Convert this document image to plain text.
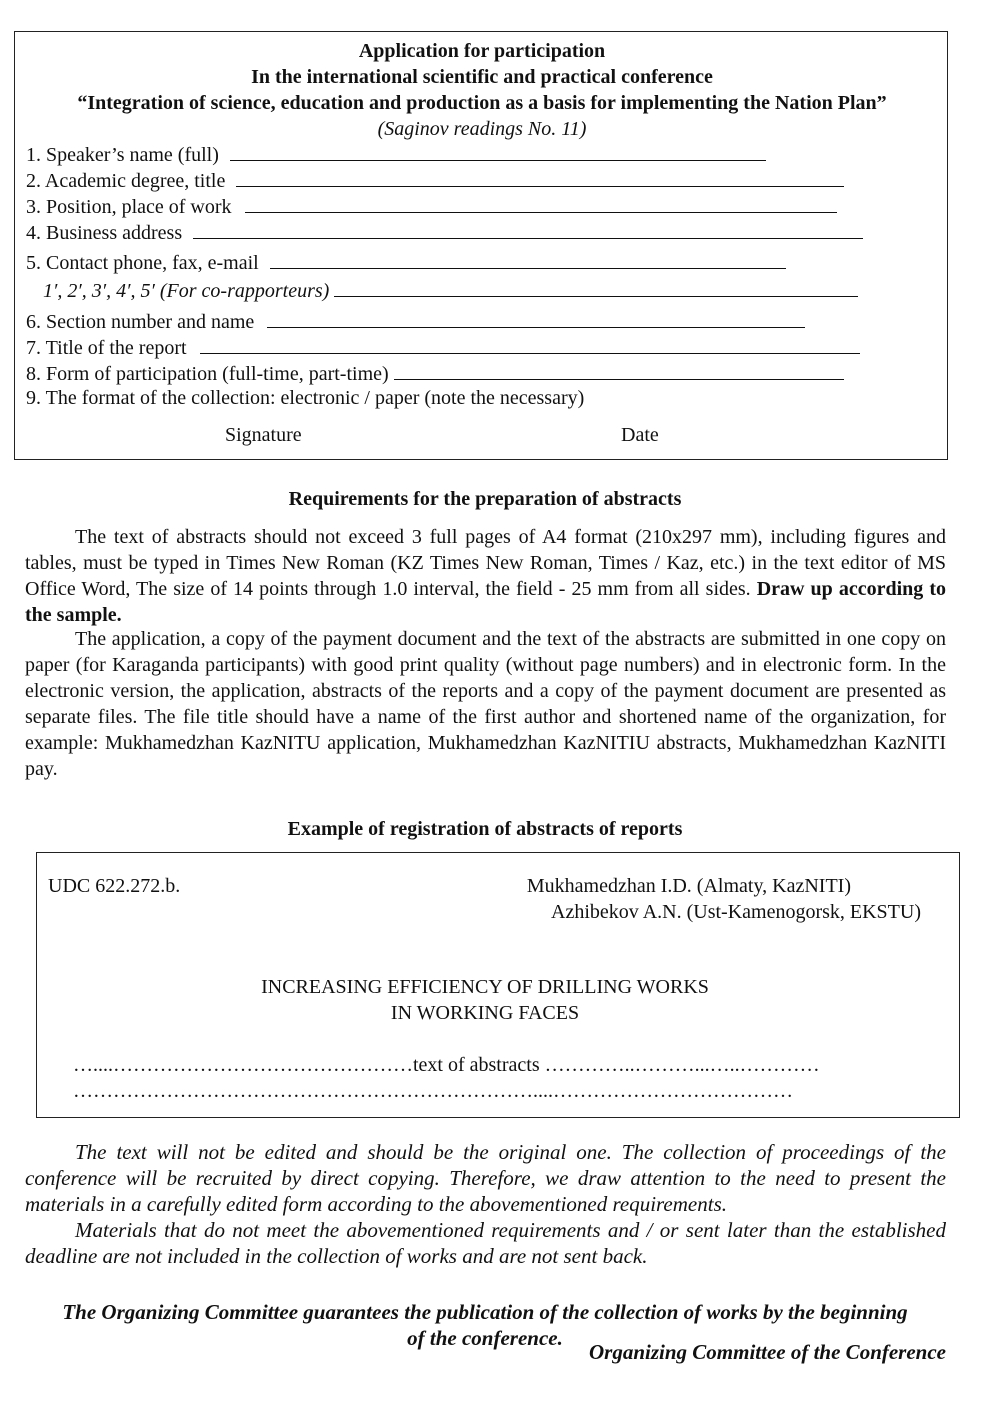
Application for participation
In the international scientific and practical conference
“Integration of science, education and production as a basis for implementing the Nation Plan”
(Saginov readings No. 11)
1. Speaker’s name (full)
2. Academic degree, title
3. Position, place of work
4. Business address
5. Contact phone, fax, e-mail
1′, 2′, 3′, 4′, 5′ (For co-rapporteurs)
6. Section number and name
7. Title of the report
8. Form of participation (full-time, part-time)
9. The format of the collection: electronic / paper (note the necessary)
Signature	Date
Requirements for the preparation of abstracts
The text of abstracts should not exceed 3 full pages of A4 format (210x297 mm), including figures and tables, must be typed in Times New Roman (KZ Times New Roman, Times / Kaz, etc.) in the text editor of MS Office Word, The size of 14 points through 1.0 interval, the field - 25 mm from all sides. Draw up according to the sample.
The application, a copy of the payment document and the text of the abstracts are submitted in one copy on paper (for Karaganda participants) with good print quality (without page numbers) and in electronic form. In the electronic version, the application, abstracts of the reports and a copy of the payment document are presented as separate files. The file title should have a name of the first author and shortened name of the organization, for example: Mukhamedzhan KazNITU application, Mukhamedzhan KazNITIU abstracts, Mukhamedzhan KazNITI pay.
Example of registration of abstracts of reports
UDC 622.272.b.	Mukhamedzhan I.D. (Almaty, KazNITI)
Azhibekov A.N. (Ust-Kamenogorsk, EKSTU)
INCREASING EFFICIENCY OF DRILLING WORKS
IN WORKING FACES
…....………………………………………text of abstracts …………..………...…..…………
……………………………………………………………....………………………………
The text will not be edited and should be the original one. The collection of proceedings of the conference will be recruited by direct copying. Therefore, we draw attention to the need to present the materials in a carefully edited form according to the abovementioned requirements.
Materials that do not meet the abovementioned requirements and / or sent later than the established deadline are not included in the collection of works and are not sent back.
The Organizing Committee guarantees the publication of the collection of works by the beginning
of the conference.
Organizing Committee of the Conference
